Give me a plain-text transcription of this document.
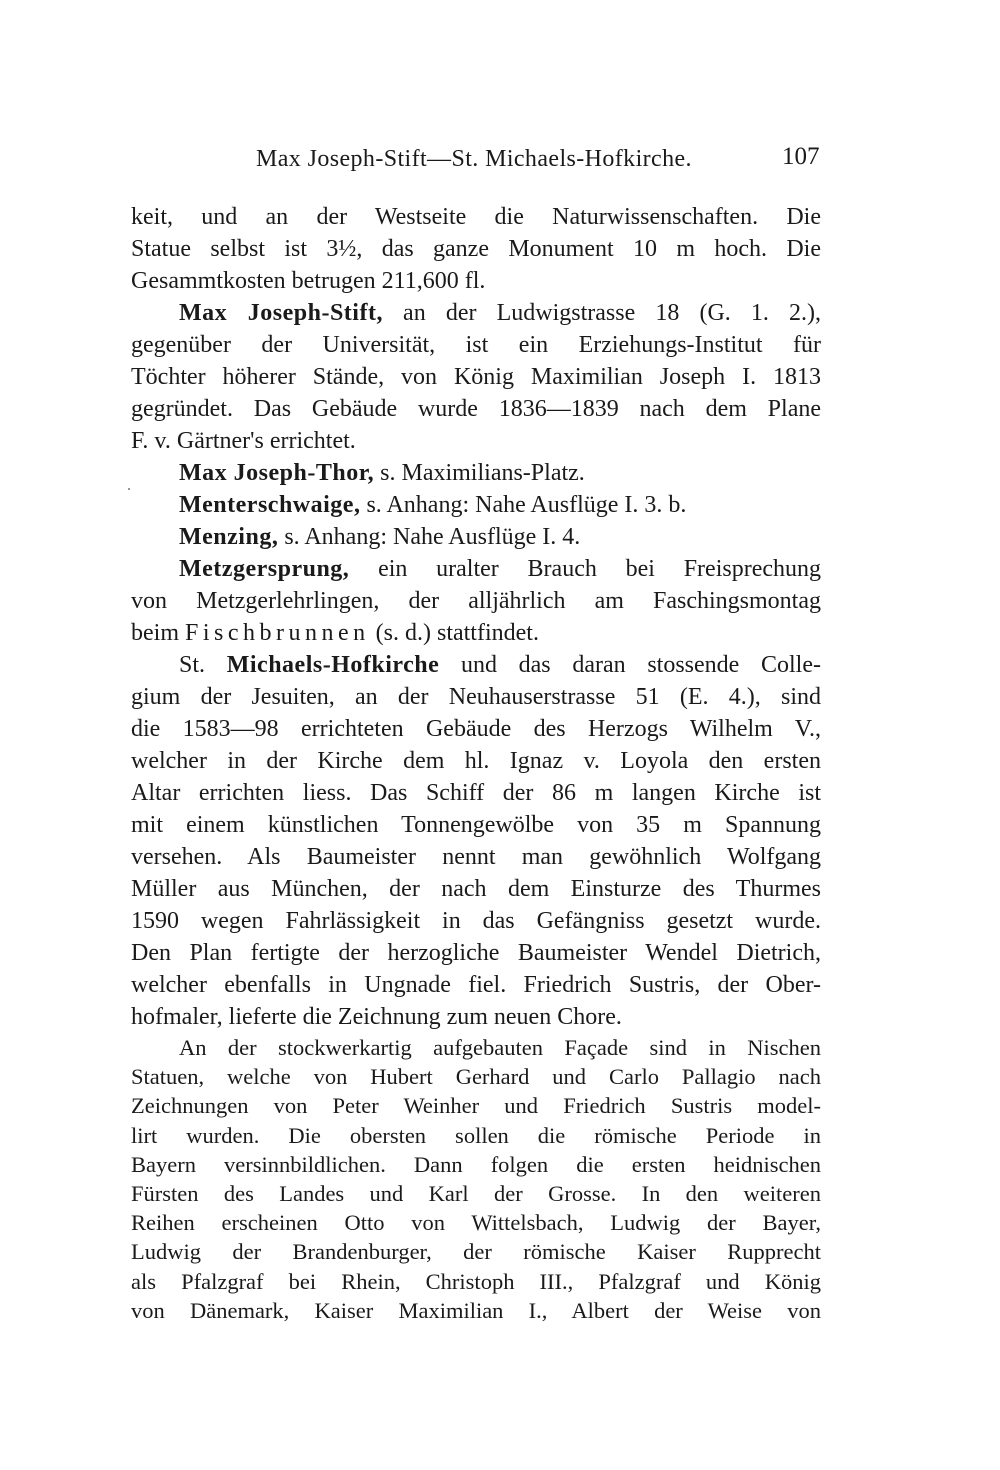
Max Joseph-Stift—St. Michaels-Hofkirche.	107
keit, und an der Westseite die Naturwissenschaften. Die
Statue selbst ist 3½, das ganze Monument 10 m hoch. Die
Gesammtkosten betrugen 211,600 fl.
Max Joseph-Stift, an der Ludwigstrasse 18 (G. 1. 2.),
gegenüber der Universität, ist ein Erziehungs-Institut für
Töchter höherer Stände, von König Maximilian Joseph I. 1813
gegründet. Das Gebäude wurde 1836—1839 nach dem Plane
F. v. Gärtner's errichtet.
Max Joseph-Thor, s. Maximilians-Platz.
Menterschwaige, s. Anhang: Nahe Ausflüge I. 3. b.
Menzing, s. Anhang: Nahe Ausflüge I. 4.
Metzgersprung, ein uralter Brauch bei Freisprechung
von Metzgerlehrlingen, der alljährlich am Faschingsmontag
beim Fischbrunnen (s. d.) stattfindet.
St. Michaels-Hofkirche und das daran stossende Colle-
gium der Jesuiten, an der Neuhauserstrasse 51 (E. 4.), sind
die 1583—98 errichteten Gebäude des Herzogs Wilhelm V.,
welcher in der Kirche dem hl. Ignaz v. Loyola den ersten
Altar errichten liess. Das Schiff der 86 m langen Kirche ist
mit einem künstlichen Tonnengewölbe von 35 m Spannung
versehen. Als Baumeister nennt man gewöhnlich Wolfgang
Müller aus München, der nach dem Einsturze des Thurmes
1590 wegen Fahrlässigkeit in das Gefängniss gesetzt wurde.
Den Plan fertigte der herzogliche Baumeister Wendel Dietrich,
welcher ebenfalls in Ungnade fiel. Friedrich Sustris, der Ober-
hofmaler, lieferte die Zeichnung zum neuen Chore.
An der stockwerkartig aufgebauten Façade sind in Nischen
Statuen, welche von Hubert Gerhard und Carlo Pallagio nach
Zeichnungen von Peter Weinher und Friedrich Sustris model-
lirt wurden. Die obersten sollen die römische Periode in
Bayern versinnbildlichen. Dann folgen die ersten heidnischen
Fürsten des Landes und Karl der Grosse. In den weiteren
Reihen erscheinen Otto von Wittelsbach, Ludwig der Bayer,
Ludwig der Brandenburger, der römische Kaiser Rupprecht
als Pfalzgraf bei Rhein, Christoph III., Pfalzgraf und König
von Dänemark, Kaiser Maximilian I., Albert der Weise von
